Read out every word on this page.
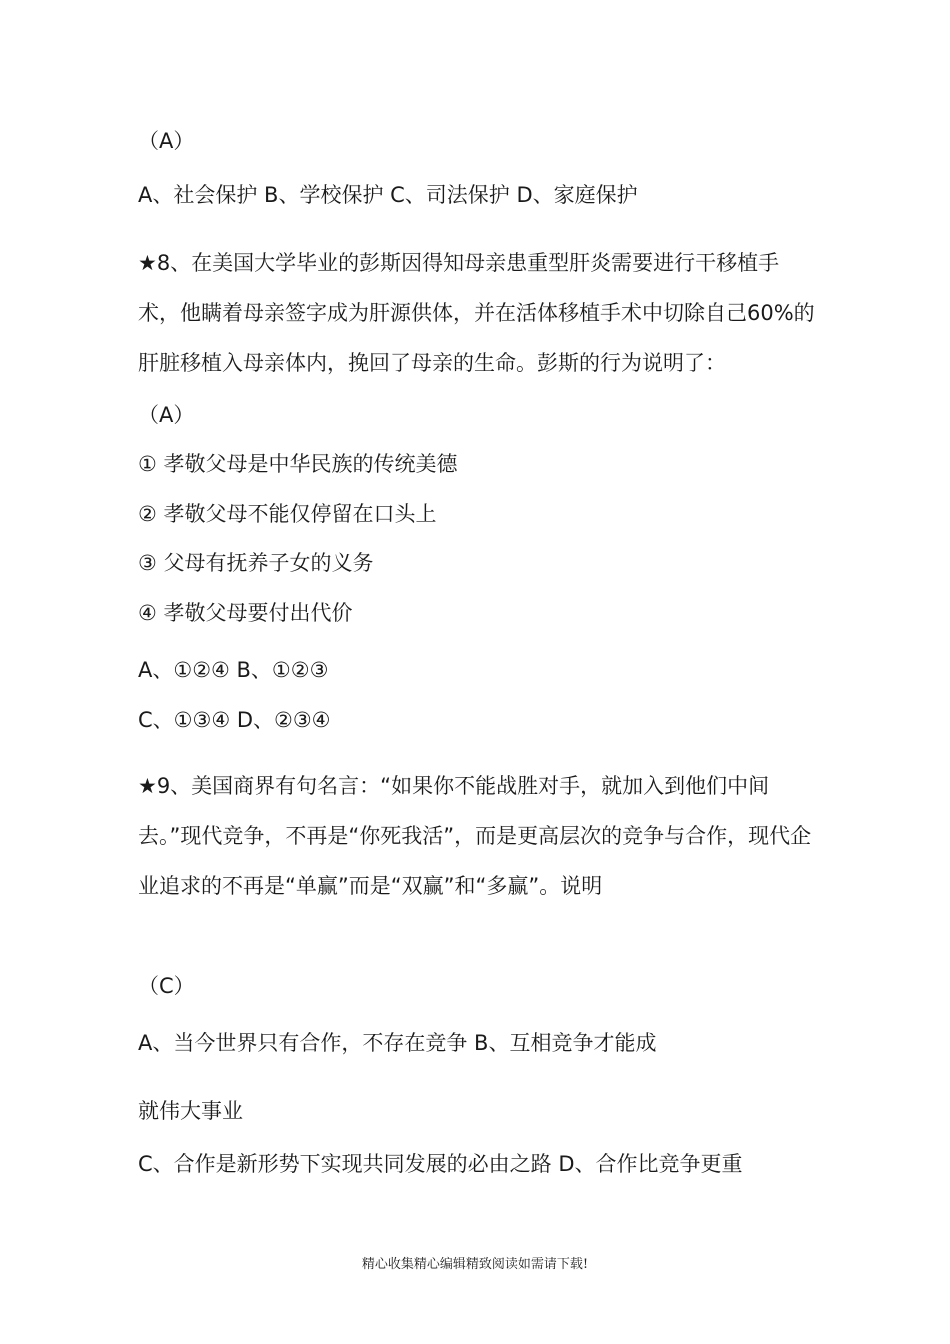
（A）

A、社会保护 B、学校保护 C、司法保护 D、家庭保护

★8、在美国大学毕业的彭斯因得知母亲患重型肝炎需要进行干移植手术，他瞒着母亲签字成为肝源供体，并在活体移植手术中切除自己60%的肝脏移植入母亲体内，挽回了母亲的生命。彭斯的行为说明了：

（A）

① 孝敬父母是中华民族的传统美德

② 孝敬父母不能仅停留在口头上

③ 父母有抚养子女的义务

④ 孝敬父母要付出代价

A、①②④ B、①②③

C、①③④ D、②③④

★9、美国商界有句名言：“如果你不能战胜对手，就加入到他们中间去。”现代竞争，不再是“你死我活”，而是更高层次的竞争与合作，现代企业追求的不再是“单赢”而是“双赢”和“多赢”。说明

（C）

A、当今世界只有合作，不存在竞争 B、互相竞争才能成

就伟大事业

C、合作是新形势下实现共同发展的必由之路 D、合作比竞争更重

精心收集精心编辑精致阅读如需请下载!
